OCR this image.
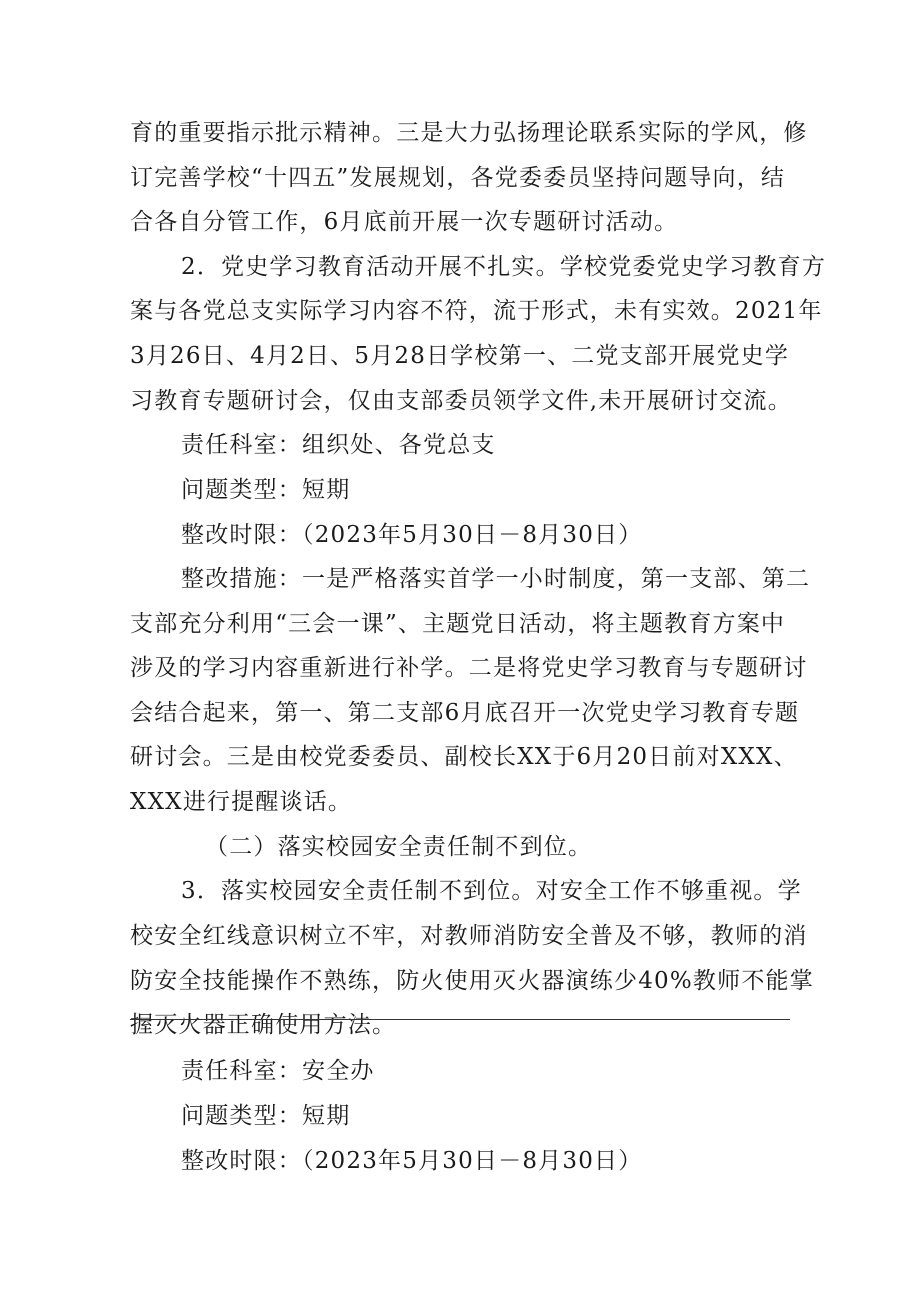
育的重要指示批示精神。三是大力弘扬理论联系实际的学风，修
订完善学校“十四五”发展规划，各党委委员坚持问题导向，结
合各自分管工作，6月底前开展一次专题研讨活动。
2．党史学习教育活动开展不扎实。学校党委党史学习教育方
案与各党总支实际学习内容不符，流于形式，未有实效。2021年
3月26日、4月2日、5月28日学校第一、二党支部开展党史学
习教育专题研讨会，仅由支部委员领学文件,未开展研讨交流。
责任科室：组织处、各党总支
问题类型：短期
整改时限：（2023年5月30日－8月30日）
整改措施：一是严格落实首学一小时制度，第一支部、第二
支部充分利用“三会一课”、主题党日活动，将主题教育方案中
涉及的学习内容重新进行补学。二是将党史学习教育与专题研讨
会结合起来，第一、第二支部6月底召开一次党史学习教育专题
研讨会。三是由校党委委员、副校长XX于6月20日前对XXX、
XXX进行提醒谈话。
（二）落实校园安全责任制不到位。
3．落实校园安全责任制不到位。对安全工作不够重视。学
校安全红线意识树立不牢，对教师消防安全普及不够，教师的消
防安全技能操作不熟练，防火使用灭火器演练少40%教师不能掌
握灭火器正确使用方法。
责任科室：安全办
问题类型：短期
整改时限：（2023年5月30日－8月30日）
